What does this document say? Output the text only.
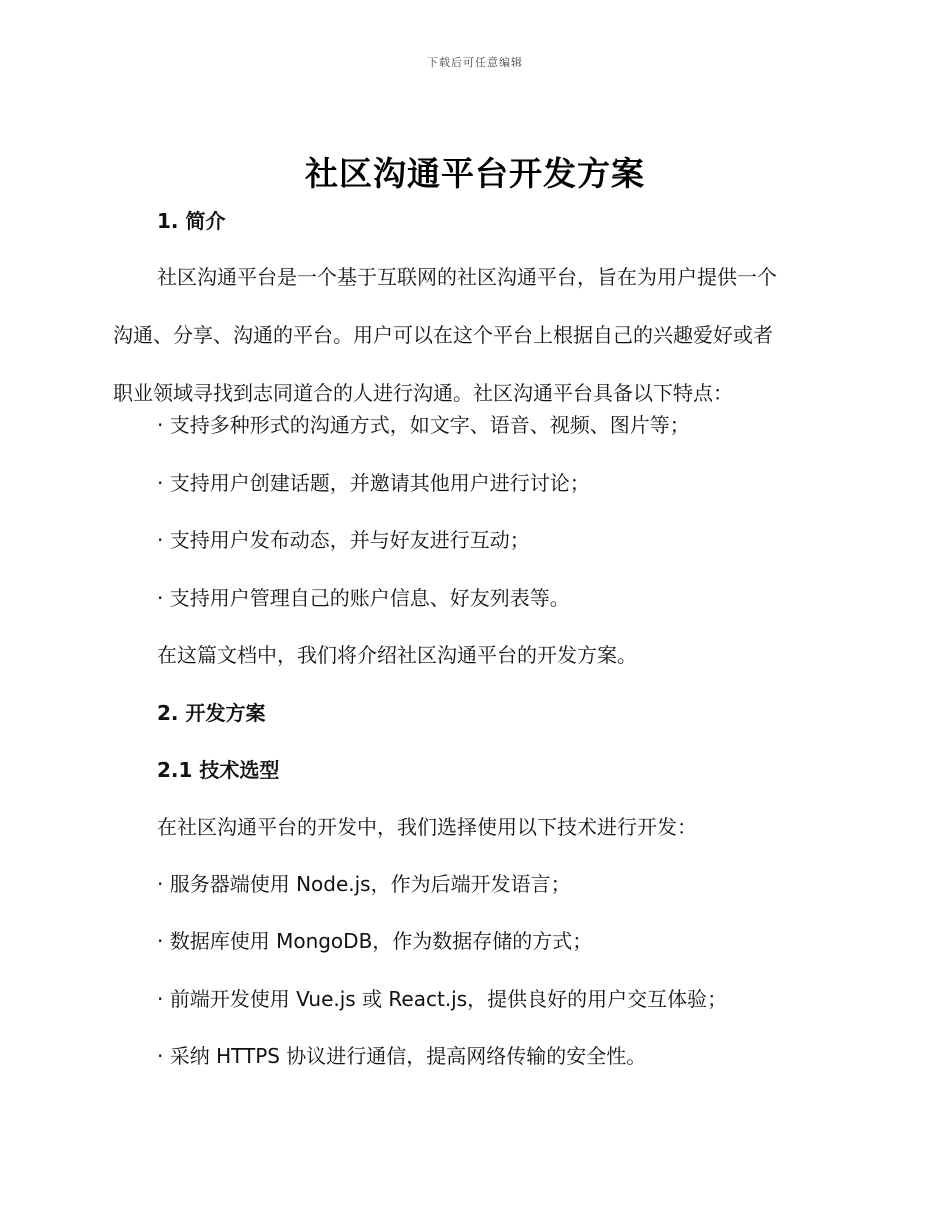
下载后可任意编辑
社区沟通平台开发方案
1. 简介
社区沟通平台是一个基于互联网的社区沟通平台，旨在为用户提供一个
沟通、分享、沟通的平台。用户可以在这个平台上根据自己的兴趣爱好或者
职业领域寻找到志同道合的人进行沟通。社区沟通平台具备以下特点：
· 支持多种形式的沟通方式，如文字、语音、视频、图片等；
· 支持用户创建话题，并邀请其他用户进行讨论；
· 支持用户发布动态，并与好友进行互动；
· 支持用户管理自己的账户信息、好友列表等。
在这篇文档中，我们将介绍社区沟通平台的开发方案。
2. 开发方案
2.1 技术选型
在社区沟通平台的开发中，我们选择使用以下技术进行开发：
· 服务器端使用 Node.js，作为后端开发语言；
· 数据库使用 MongoDB，作为数据存储的方式；
· 前端开发使用 Vue.js 或 React.js，提供良好的用户交互体验；
· 采纳 HTTPS 协议进行通信，提高网络传输的安全性。
